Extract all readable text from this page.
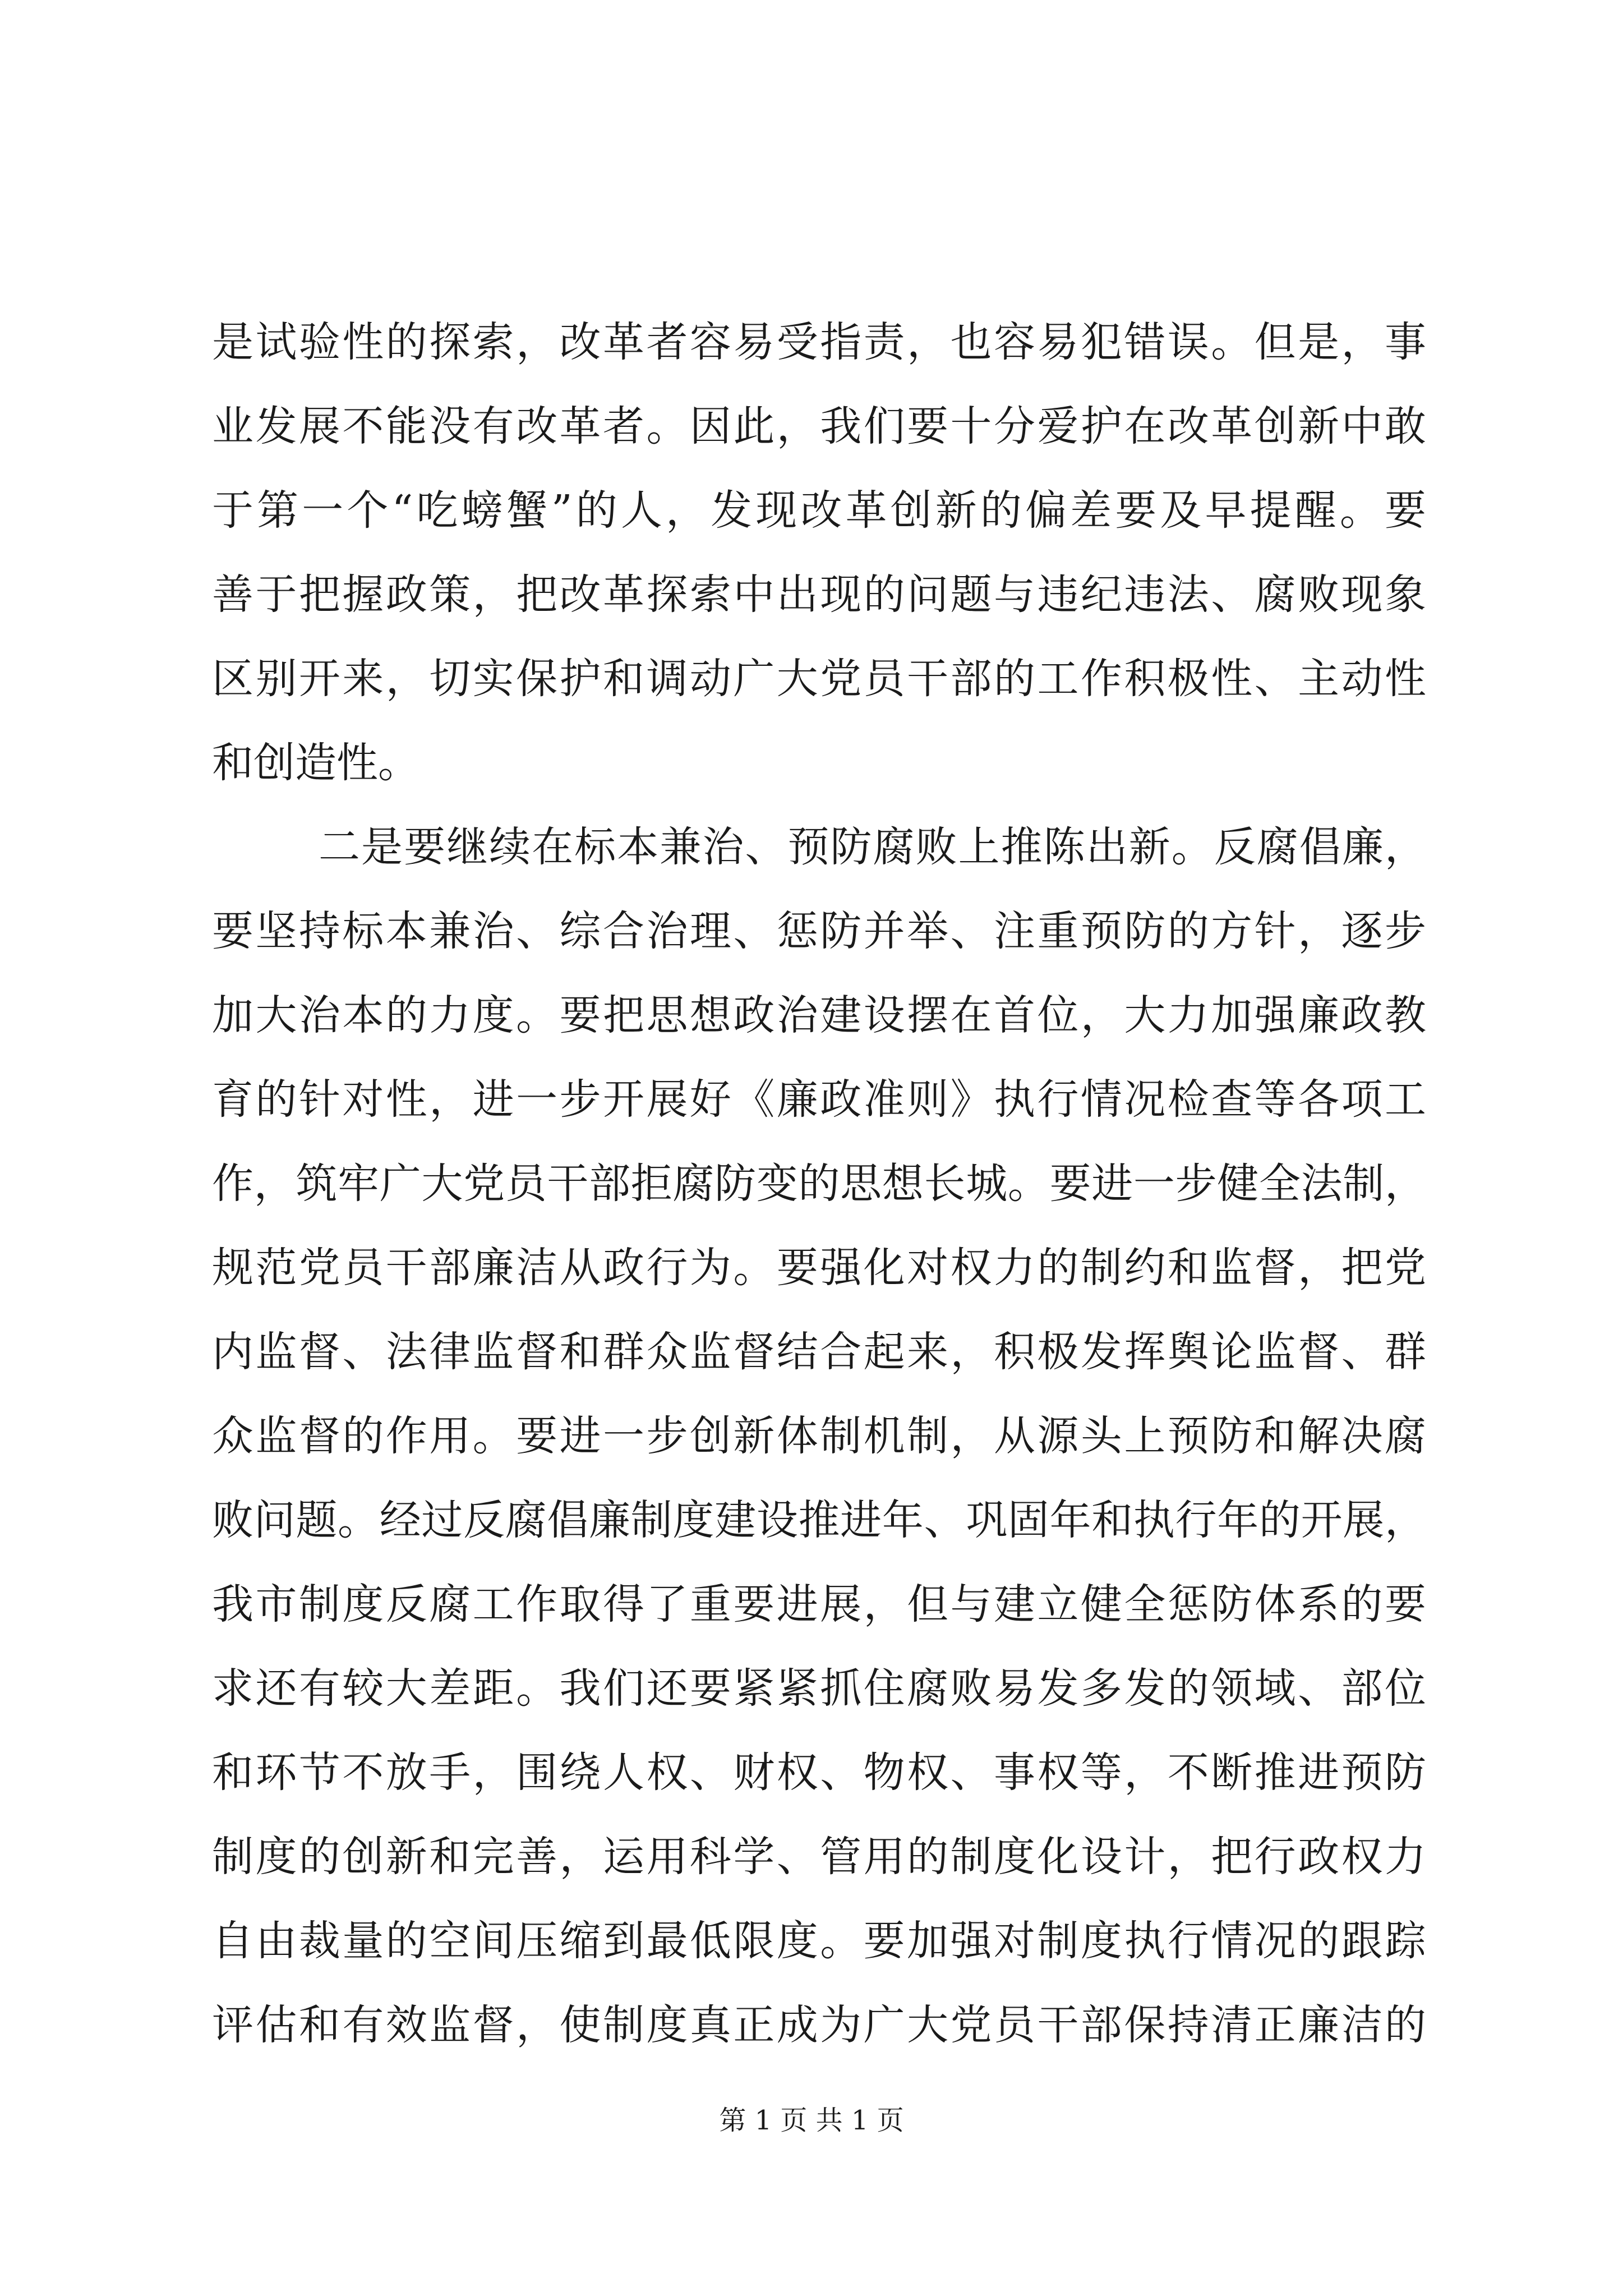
是试验性的探索，改革者容易受指责，也容易犯错误。但是，事
业发展不能没有改革者。因此，我们要十分爱护在改革创新中敢
于第一个“吃螃蟹”的人，发现改革创新的偏差要及早提醒。要
善于把握政策，把改革探索中出现的问题与违纪违法、腐败现象
区别开来，切实保护和调动广大党员干部的工作积极性、主动性
和创造性。
二是要继续在标本兼治、预防腐败上推陈出新。反腐倡廉，
要坚持标本兼治、综合治理、惩防并举、注重预防的方针，逐步
加大治本的力度。要把思想政治建设摆在首位，大力加强廉政教
育的针对性，进一步开展好《廉政准则》执行情况检查等各项工
作，筑牢广大党员干部拒腐防变的思想长城。要进一步健全法制，
规范党员干部廉洁从政行为。要强化对权力的制约和监督，把党
内监督、法律监督和群众监督结合起来，积极发挥舆论监督、群
众监督的作用。要进一步创新体制机制，从源头上预防和解决腐
败问题。经过反腐倡廉制度建设推进年、巩固年和执行年的开展，
我市制度反腐工作取得了重要进展，但与建立健全惩防体系的要
求还有较大差距。我们还要紧紧抓住腐败易发多发的领域、部位
和环节不放手，围绕人权、财权、物权、事权等，不断推进预防
制度的创新和完善，运用科学、管用的制度化设计，把行政权力
自由裁量的空间压缩到最低限度。要加强对制度执行情况的跟踪
评估和有效监督，使制度真正成为广大党员干部保持清正廉洁的
第 1 页 共 1 页
